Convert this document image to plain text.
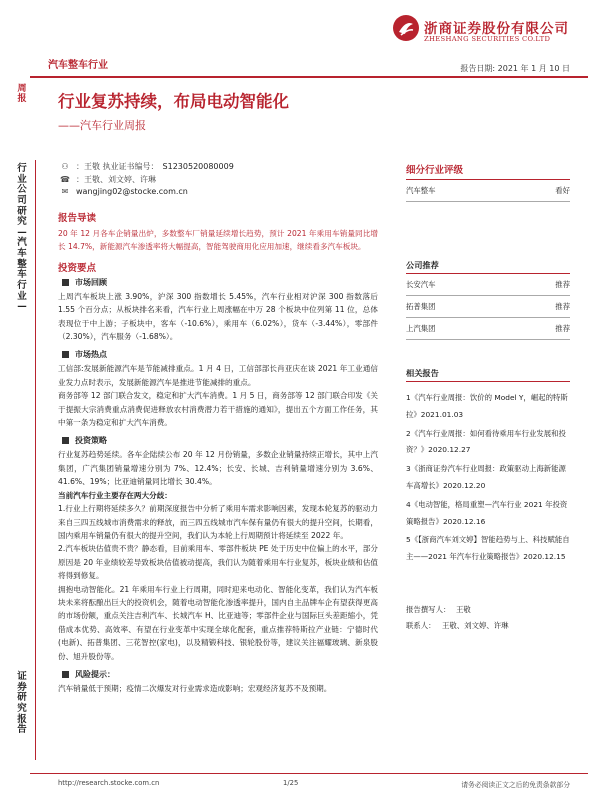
浙商证券股份有限公司
ZHESHANG SECURITIES CO.LTD
汽车整车行业	报告日期: 2021 年 1 月 10 日
周报 行业复苏持续，布局电动智能化
——汽车行业周报
行业公司研究—汽车整车行业—
证券研究报告
⚇ ：王敬 执业证书编号： S1230520080009
☎ ：王敬、刘文婷、许琳
✉ wangjing02@stocke.com.cn
报告导读
20 年 12 月各车企销量出炉，多数整车厂销量延续增长趋势，预计 2021 年乘用车销量同比增长 14.7%，新能源汽车渗透率将大幅提高，智能驾驶商用化应用加速，继续看多汽车板块。
投资要点
市场回顾
上周汽车板块上涨 3.90%，沪深 300 指数增长 5.45%，汽车行业相对沪深 300 指数落后 1.55 个百分点；从板块排名来看，汽车行业上周涨幅在中万 28 个板块中位列第 11 位，总体表现位于中上游；子板块中，客车（-10.6%），乘用车（6.02%），货车（-3.44%），零部件（2.30%），汽车服务（-1.68%）。
市场热点
工信部:发展新能源汽车是节能减排重点。1 月 4 日，工信部部长肖亚庆在谈 2021 年工业通信业发力点时表示，发展新能源汽车是推进节能减排的重点。
商务部等 12 部门联合发文，稳定和扩大汽车消费。1 月 5 日，商务部等 12 部门联合印发《关于提振大宗消费重点消费促进释放农村消费潜力若干措施的通知》，提出五个方面工作任务，其中第一条为稳定和扩大汽车消费。
投资策略
行业复苏趋势延续。各车企陆续公布 20 年 12 月份销量，多数企业销量持续正增长，其中上汽集团，广汽集团销量增速分别为 7%、12.4%；长安、长城、吉利销量增速分别为 3.6%、41.6%、19%；比亚迪销量同比增长 30.4%。
当前汽车行业主要存在两大分歧：
1.行业上行期将延续多久？前期深度报告中分析了乘用车需求影响因素，发现本轮复苏的驱动力来自三四五线城市消费需求的释放，而三四五线城市汽车保有量仍有很大的提升空间，长期看，国内乘用车销量仍有很大的提升空间，我们认为本轮上行周期预计将延续至 2022 年。
2.汽车板块估值贵不贵？静态看，目前乘用车、零部件板块 PE 处于历史中位偏上的水平，部分原因是 20 年业绩较差导致板块估值被动提高，我们认为随着乘用车行业复苏，板块业绩和估值将得到修复。
拥抱电动智能化。21 年乘用车行业上行周期，同时迎来电动化、智能化变革，我们认为汽车板块未来将酝酿出巨大的投资机会，随着电动智能化渗透率提升，国内自主品牌车企有望获得更高的市场份额，重点关注吉利汽车、长城汽车 H、比亚迪等；零部件企业与国际巨头差距缩小，凭借成本优势、高效率、有望在行业变革中实现全球化配套，重点推荐特斯拉产业链：宁德时代(电新)、拓普集团、三花智控(家电)，以及精锻科技、银轮股份等，建议关注福耀玻璃、新泉股份、旭升股份等。
风险提示：
汽车销量低于预期；疫情二次爆发对行业需求造成影响；宏观经济复苏不及预期。
细分行业评级
汽车整车	看好
公司推荐
长安汽车	推荐
拓普集团	推荐
上汽集团	推荐
相关报告
1《汽车行业周报：饮价的 Model Y，崛起的特斯拉》2021.01.03
2《汽车行业周报：如何看待乘用车行业发展和投资？》2020.12.27
3《浙商证券汽车行业周报：政策驱动上海新能源车高增长》2020.12.20
4《电动智能，格局重塑—汽车行业 2021 年投资策略报告》2020.12.16
5《【浙商汽车刘文婷】智能趋势与上、科技赋能自主——2021 年汽车行业策略报告》2020.12.15
报告撰写人： 王敬
联系人： 王敬、刘文婷、许琳
http://research.stocke.com.cn	1/25	请务必阅读正文之后的免责条款部分
